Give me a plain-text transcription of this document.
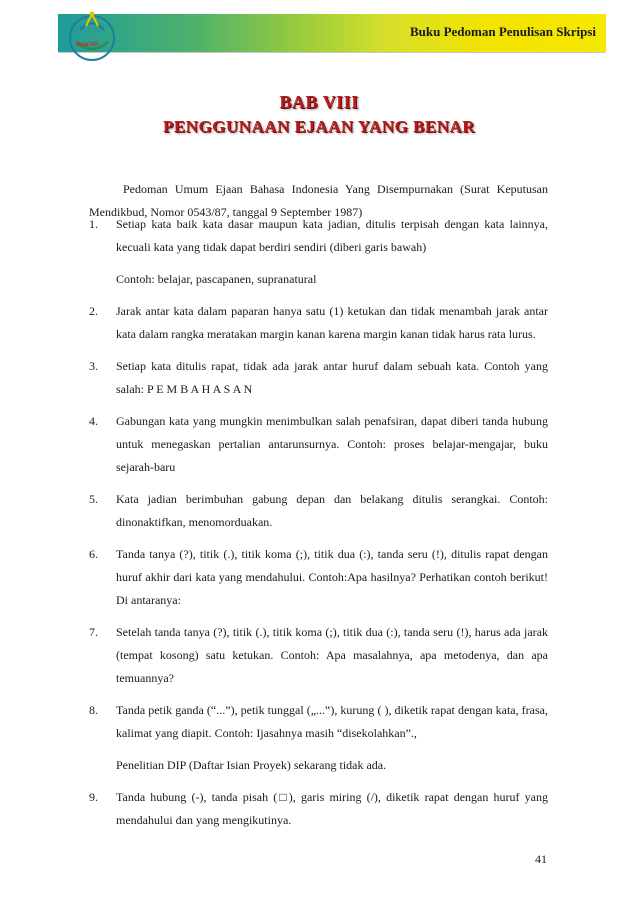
Buku Pedoman Penulisan Skripsi
SyariAh
BAB VIII
PENGGUNAAN EJAAN YANG BENAR

Pedoman Umum Ejaan Bahasa Indonesia Yang Disempurnakan (Surat Keputusan Mendikbud, Nomor 0543/87, tanggal 9 September 1987)

1.	Setiap kata baik kata dasar maupun kata jadian, ditulis terpisah dengan kata lainnya, kecuali kata yang tidak dapat berdiri sendiri (diberi garis bawah)
Contoh: belajar, pascapanen, supranatural
2.	Jarak antar kata dalam paparan hanya satu (1) ketukan dan tidak menambah jarak antar kata dalam rangka meratakan margin kanan karena margin kanan tidak harus rata lurus.
3.	Setiap kata ditulis rapat, tidak ada jarak antar huruf dalam sebuah kata. Contoh yang salah: P E M B A H A S A N
4.	Gabungan kata yang mungkin menimbulkan salah penafsiran, dapat diberi tanda hubung untuk menegaskan pertalian antarunsurnya. Contoh: proses belajar-mengajar, buku sejarah-baru
5.	Kata jadian berimbuhan gabung depan dan belakang ditulis serangkai. Contoh: dinonaktifkan, menomorduakan.
6.	Tanda tanya (?), titik (.), titik koma (;), titik dua (:), tanda seru (!), ditulis rapat dengan huruf akhir dari kata yang mendahului. Contoh:Apa hasilnya? Perhatikan contoh berikut! Di antaranya:
7.	Setelah tanda tanya (?), titik (.), titik koma (;), titik dua (:), tanda seru (!), harus ada jarak (tempat kosong) satu ketukan. Contoh: Apa masalahnya, apa metodenya, dan apa temuannya?
8.	Tanda petik ganda (“...”), petik tunggal („...‟), kurung ( ), diketik rapat dengan kata, frasa, kalimat yang diapit. Contoh: Ijasahnya masih “disekolahkan”.,
Penelitian DIP (Daftar Isian Proyek) sekarang tidak ada.
9.	Tanda hubung (-), tanda pisah (□), garis miring (/), diketik rapat dengan huruf yang mendahului dan yang mengikutinya.
41
